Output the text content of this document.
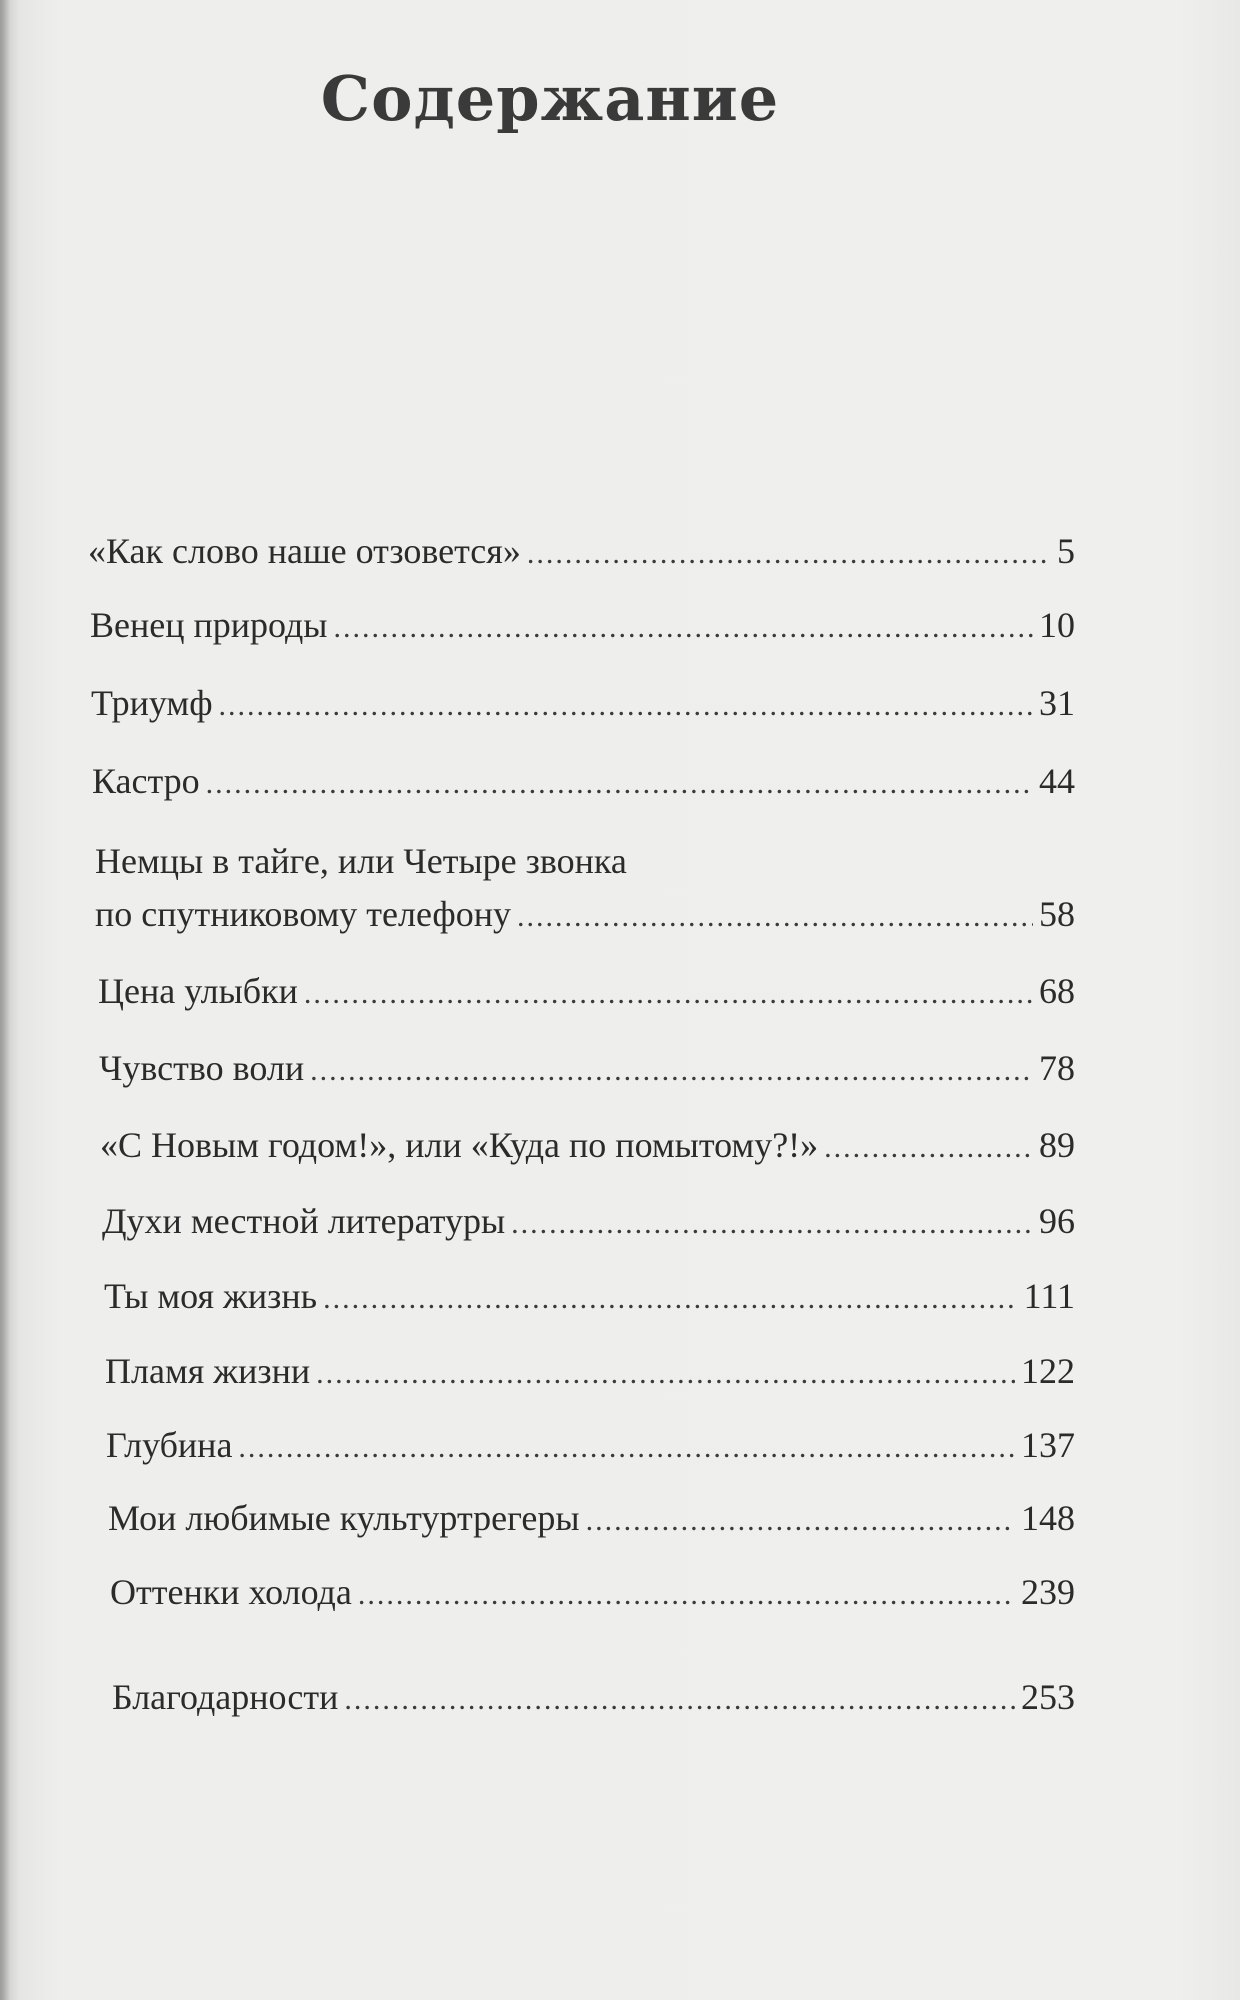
Содержание
«Как слово наше отзовется» .....	5
Венец природы .....	10
Триумф .....	31
Кастро .....	44
Немцы в тайге, или Четыре звонка
по спутниковому телефону .....	58
Цена улыбки .....	68
Чувство воли .....	78
«С Новым годом!», или «Куда по помытому?!» .....	89
Духи местной литературы .....	96
Ты моя жизнь .....	111
Пламя жизни .....	122
Глубина .....	137
Мои любимые культуртрегеры .....	148
Оттенки холода .....	239
Благодарности .....	253
